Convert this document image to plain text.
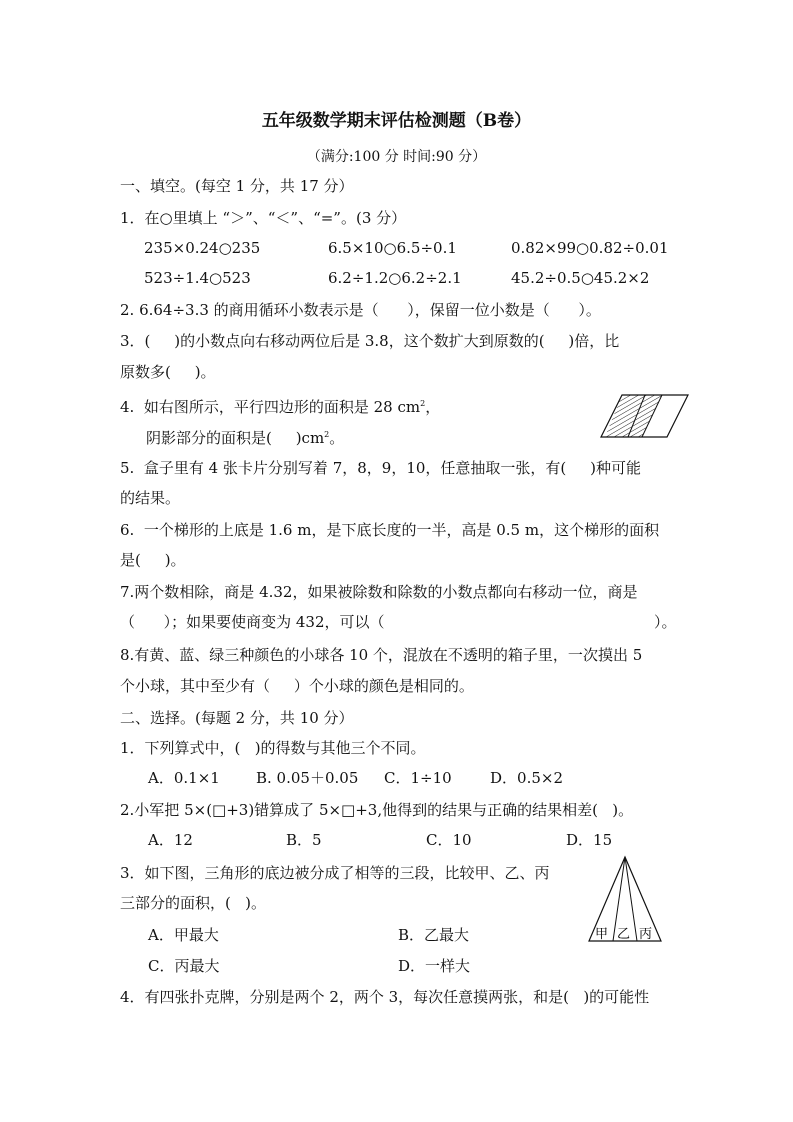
五年级数学期末评估检测题（B卷）
（满分:100 分 时间:90 分）
一、填空。(每空 1 分，共 17 分）
1．在○里填上 “＞”、“＜”、“=”。(3 分）
235×0.24○235	6.5×10○6.5÷0.1	0.82×99○0.82÷0.01
523÷1.4○523	6.2÷1.2○6.2÷2.1	45.2÷0.5○45.2×2
2. 6.64÷3.3 的商用循环小数表示是（      ），保留一位小数是（      ）。
3．(     )的小数点向右移动两位后是 3.8，这个数扩大到原数的(     )倍，比
原数多(     )。
4.  如右图所示，平行四边形的面积是 28 $cm^2$，
阴影部分的面积是(     )$cm^2$。
5.  盒子里有 4 张卡片分别写着 7，8，9，10，任意抽取一张，有(     )种可能
的结果。
6.  一个梯形的上底是 1.6 m，是下底长度的一半，高是 0.5 m，这个梯形的面积
是(     )。
7.两个数相除，商是 4.32，如果被除数和除数的小数点都向右移动一位，商是
（      ）；如果要使商变为 432，可以（	）。
8.有黄、蓝、绿三种颜色的小球各 10 个，混放在不透明的箱子里，一次摸出 5
个小球，其中至少有（     ）个小球的颜色是相同的。
二、选择。(每题 2 分，共 10 分）
1．下列算式中，(   )的得数与其他三个不同。
A．0.1×1 B. 0.05＋0.05 C．1÷10	D．0.5×2
2.小军把 5×(□+3)错算成了 5×□+3,他得到的结果与正确的结果相差(   )。
A．12	B．5	C．10	D．15
3．如下图，三角形的底边被分成了相等的三段，比较甲、乙、丙
三部分的面积，(   )。
A．甲最大	B．乙最大
C．丙最大	D．一样大
甲 乙 丙
4．有四张扑克牌，分别是两个 2，两个 3，每次任意摸两张，和是(   )的可能性
